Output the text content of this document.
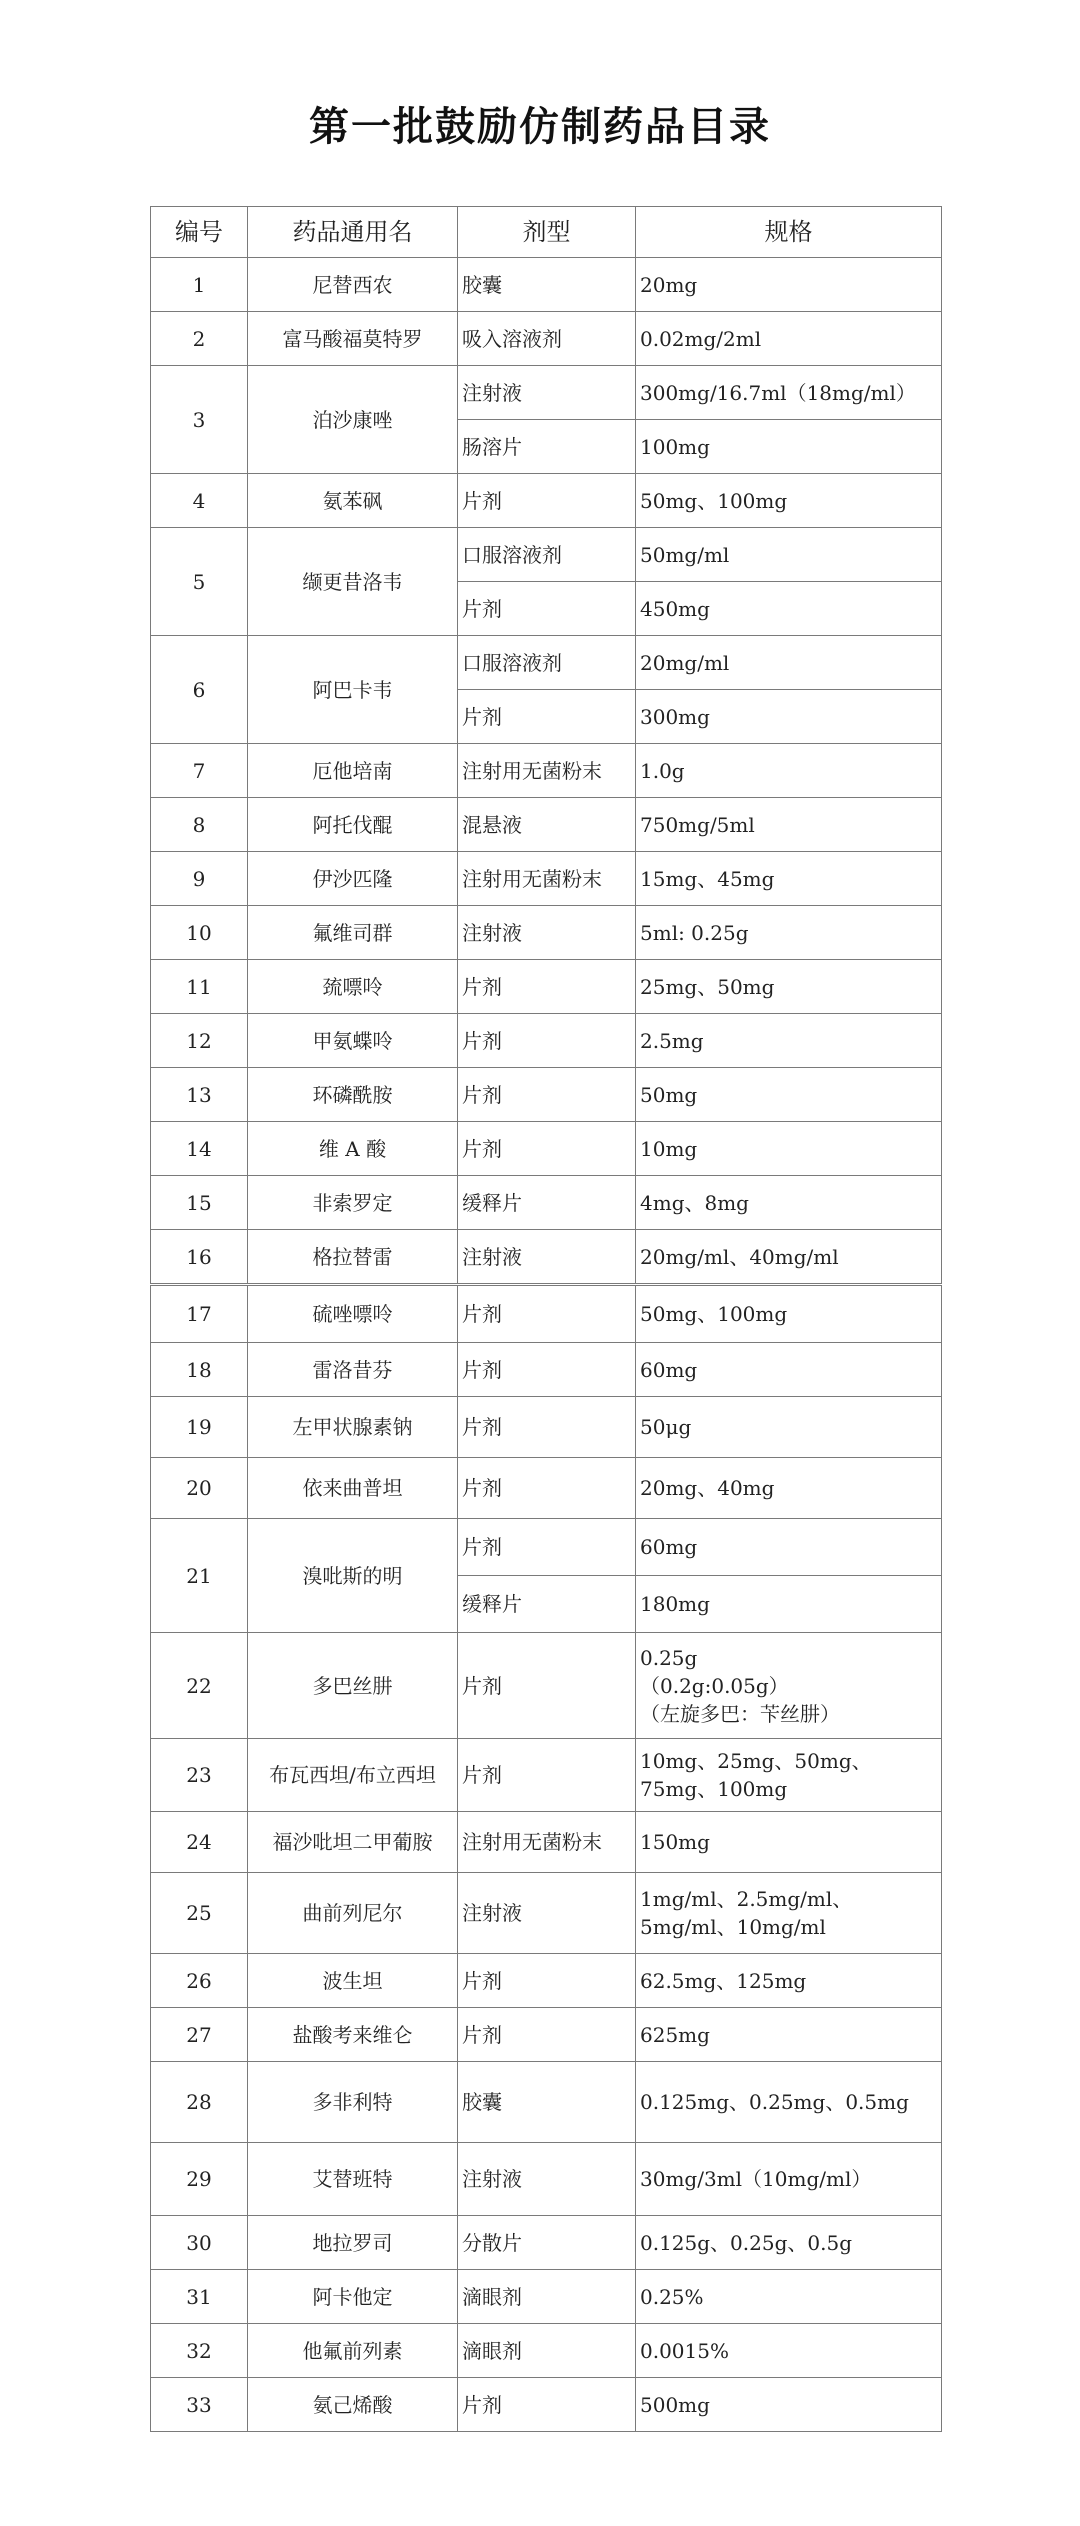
第一批鼓励仿制药品目录
编号	药品通用名	剂型	规格
1	尼替西农	胶囊	20mg
2	富马酸福莫特罗	吸入溶液剂	0.02mg/2ml
3	泊沙康唑	注射液	300mg/16.7ml（18mg/ml）
		肠溶片	100mg
4	氨苯砜	片剂	50mg、100mg
5	缬更昔洛韦	口服溶液剂	50mg/ml
		片剂	450mg
6	阿巴卡韦	口服溶液剂	20mg/ml
		片剂	300mg
7	厄他培南	注射用无菌粉末	1.0g
8	阿托伐醌	混悬液	750mg/5ml
9	伊沙匹隆	注射用无菌粉末	15mg、45mg
10	氟维司群	注射液	5ml: 0.25g
11	巯嘌呤	片剂	25mg、50mg
12	甲氨蝶呤	片剂	2.5mg
13	环磷酰胺	片剂	50mg
14	维 A 酸	片剂	10mg
15	非索罗定	缓释片	4mg、8mg
16	格拉替雷	注射液	20mg/ml、40mg/ml
17	硫唑嘌呤	片剂	50mg、100mg
18	雷洛昔芬	片剂	60mg
19	左甲状腺素钠	片剂	50μg
20	依来曲普坦	片剂	20mg、40mg
21	溴吡斯的明	片剂	60mg
		缓释片	180mg
22	多巴丝肼	片剂	0.25g
（0.2g:0.05g）
（左旋多巴：苄丝肼）

23	布瓦西坦/布立西坦	片剂	10mg、25mg、50mg、75mg、100mg
24	福沙吡坦二甲葡胺	注射用无菌粉末	150mg
25	曲前列尼尔	注射液	1mg/ml、2.5mg/ml、5mg/ml、10mg/ml
26	波生坦	片剂	62.5mg、125mg
27	盐酸考来维仑	片剂	625mg
28	多非利特	胶囊	0.125mg、0.25mg、0.5mg
29	艾替班特	注射液	30mg/3ml（10mg/ml）
30	地拉罗司	分散片	0.125g、0.25g、0.5g
31	阿卡他定	滴眼剂	0.25%
32	他氟前列素	滴眼剂	0.0015%
33	氨己烯酸	片剂	500mg
